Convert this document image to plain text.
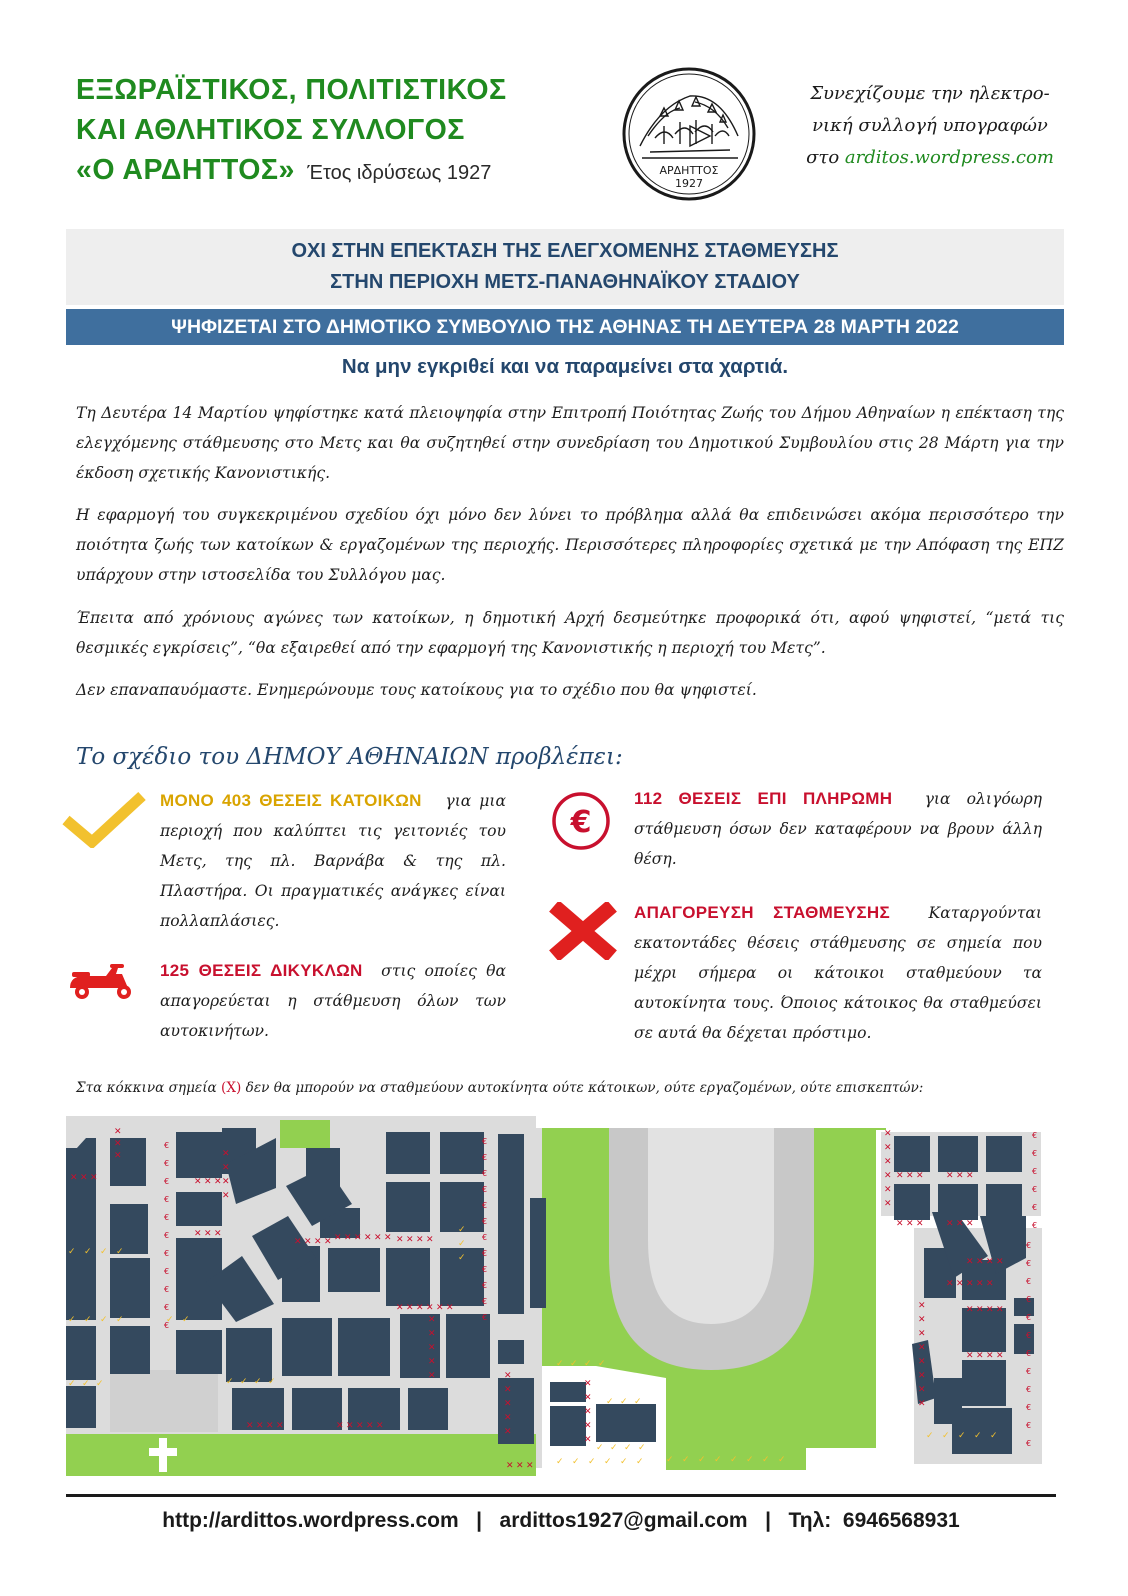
ΕΞΩΡΑΪΣΤΙΚΟΣ, ΠΟΛΙΤΙΣΤΙΚΟΣ
ΚΑΙ ΑΘΛΗΤΙΚΟΣ ΣΥΛΛΟΓΟΣ
«Ο ΑΡΔΗΤΤΟΣ» Έτος ιδρύσεως 1927	ΑΡΔΗΤΤΟΣ
1927
Συνεχίζουμε την ηλεκτρο-
νική συλλογή υπογραφών
στο arditos.wordpress.com
ΟΧΙ ΣΤΗΝ ΕΠΕΚΤΑΣΗ ΤΗΣ ΕΛΕΓΧΟΜΕΝΗΣ ΣΤΑΘΜΕΥΣΗΣ
ΣΤΗΝ ΠΕΡΙΟΧΗ ΜΕΤΣ-ΠΑΝΑΘΗΝΑΪΚΟΥ ΣΤΑΔΙΟΥ
ΨΗΦΙΖΕΤΑΙ ΣΤΟ ΔΗΜΟΤΙΚΟ ΣΥΜΒΟΥΛΙΟ ΤΗΣ ΑΘΗΝΑΣ ΤΗ ΔΕΥΤΕΡΑ 28 ΜΑΡΤΗ 2022
Να μην εγκριθεί και να παραμείνει στα χαρτιά.
Τη Δευτέρα 14 Μαρτίου ψηφίστηκε κατά πλειοψηφία στην Επιτροπή Ποιότητας Ζωής του Δήμου Αθηναίων η επέκταση της ελεγχόμενης στάθμευσης στο Μετς και θα συζητηθεί στην συνεδρίαση του Δημοτικού Συμβουλίου στις 28 Μάρτη για την έκδοση σχετικής Κανονιστικής.
Η εφαρμογή του συγκεκριμένου σχεδίου όχι μόνο δεν λύνει το πρόβλημα αλλά θα επιδεινώσει ακόμα περισσότερο την ποιότητα ζωής των κατοίκων & εργαζομένων της περιοχής. Περισσότερες πληροφορίες σχετικά με την Απόφαση της ΕΠΖ υπάρχουν στην ιστοσελίδα του Συλλόγου μας.
Έπειτα από χρόνιους αγώνες των κατοίκων, η δημοτική Αρχή δεσμεύτηκε προφορικά ότι, αφού ψηφιστεί, “μετά τις θεσμικές εγκρίσεις”, “θα εξαιρεθεί από την εφαρμογή της Κανονιστικής η περιοχή του Μετς”.
Δεν επαναπαυόμαστε. Ενημερώνουμε τους κατοίκους για το σχέδιο που θα ψηφιστεί.
Το σχέδιο του ΔΗΜΟΥ ΑΘΗΝΑΙΩΝ προβλέπει:
ΜΟΝΟ 403 ΘΕΣΕΙΣ ΚΑΤΟΙΚΩΝ για μια περιοχή που καλύπτει τις γειτονιές του Μετς, της πλ. Βαρνάβα & της πλ. Πλαστήρα. Οι πραγματικές ανάγκες είναι πολλαπλάσιες.
125 ΘΕΣΕΙΣ ΔΙΚΥΚΛΩΝ στις οποίες θα απαγορεύεται η στάθμευση όλων των αυτοκινήτων.
€
112 ΘΕΣΕΙΣ ΕΠΙ ΠΛΗΡΩΜΗ για ολιγόωρη στάθμευση όσων δεν καταφέρουν να βρουν άλλη θέση.
ΑΠΑΓΟΡΕΥΣΗ ΣΤΑΘΜΕΥΣΗΣ Καταργούνται εκατοντάδες θέσεις στάθμευσης σε σημεία που μέχρι σήμερα οι κάτοικοι σταθμεύουν τα αυτοκίνητα τους. Όποιος κάτοικος θα σταθμεύσει σε αυτά θα δέχεται πρόστιμο.
Στα κόκκινα σημεία (Χ) δεν θα μπορούν να σταθμεύουν αυτοκίνητα ούτε κάτοικων, ούτε εργαζομένων, ούτε επισκεπτών:
€
€
€
€
€
€
€
€
€
€
€
€
€
€
€
€
€
€
€
€
€
€
€
€
€
€
€
€
€
€
€
€
€
€
€
€
€
€
€
€
€
✕ ✕ ✕	✕ ✕ ✕
✕ ✕ ✕
✕ ✕ ✕ ✕ ✕ ✕ ✕ ✕ ✕ ✕ ✕ ✕ ✕ ✕
✕ ✕ ✕ ✕ ✕ ✕
✕ ✕ ✕ ✕	✕ ✕ ✕ ✕ ✕
✕ ✕ ✕
✕
✕
✕	✕
✕
✕
✕
✕
✕
✕
✕
✕	✕
✕
✕
✕
✕
✕
✕
✕
✕
✕
✕
✕
✕
✕
✕
✕
✕
✕
✕
✕
✕
✕
✕
✕
✕ ✕ ✕ ✕ ✕ ✕
✕ ✕ ✕ ✕ ✕ ✕
✕ ✕ ✕ ✕
✕ ✕ ✕ ✕
✕ ✕ ✕ ✕
✕ ✕ ✕ ✕ ✕
✓ ✓ ✓ ✓
✓ ✓ ✓ ✓	✓ ✓
✓ ✓ ✓	✓ ✓ ✓ ✓
✓ ✓ ✓ ✓
✓ ✓ ✓
✓ ✓ ✓ ✓ ✓ ✓ ✓ ✓
✓ ✓ ✓ ✓ ✓ ✓
✓
✓
✓
✓ ✓ ✓ ✓ ✓
✓ ✓ ✓ ✓
http://ardittos.wordpress.com   |   ardittos1927@gmail.com   |   Τηλ:  6946568931
